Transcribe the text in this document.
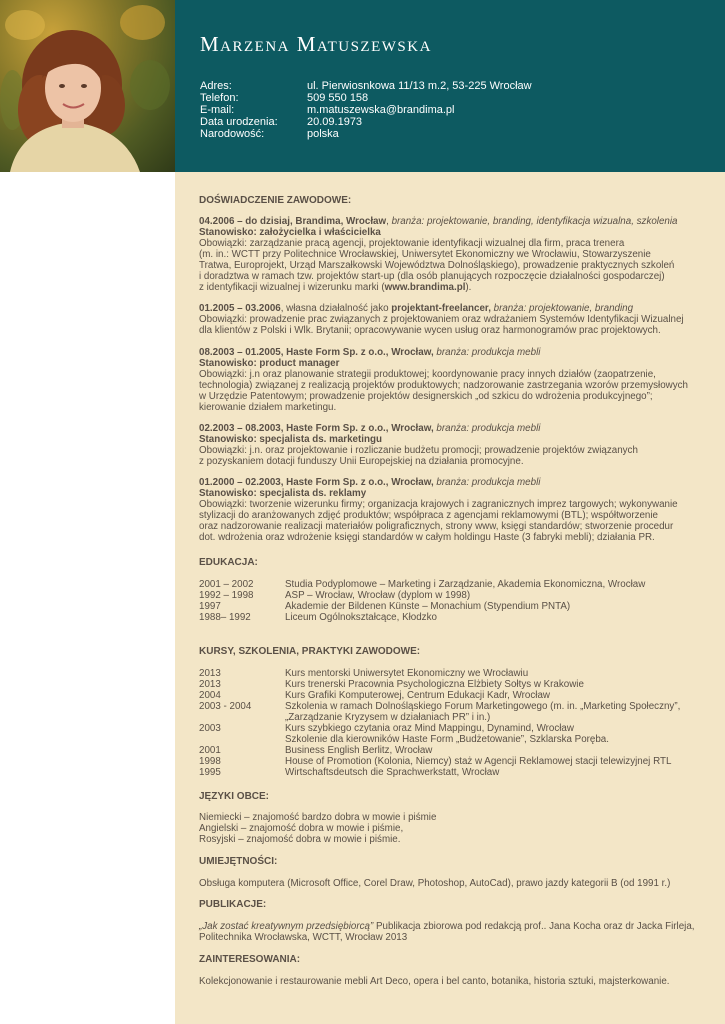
Marzena Matuszewska
Adres:	ul. Pierwiosnkowa 11/13 m.2, 53-225 Wrocław
Telefon:	509 550 158
E-mail:	m.matuszewska@brandima.pl
Data urodzenia:	20.09.1973
Narodowość:	polska
DOŚWIADCZENIE ZAWODOWE:
04.2006 – do dzisiaj, Brandima, Wrocław, branża: projektowanie, branding, identyfikacja wizualna, szkolenia
Stanowisko: założycielka i właścicielka
Obowiązki: zarządzanie pracą agencji, projektowanie identyfikacji wizualnej dla firm, praca trenera
(m. in.: WCTT przy Politechnice Wrocławskiej, Uniwersytet Ekonomiczny we Wrocławiu, Stowarzyszenie
Tratwa, Europrojekt, Urząd Marszałkowski Województwa Dolnośląskiego), prowadzenie praktycznych szkoleń
i doradztwa w ramach tzw. projektów start-up (dla osób planujących rozpoczęcie działalności gospodarczej)
z identyfikacji wizualnej i wizerunku marki (www.brandima.pl).
01.2005 – 03.2006, własna działalność jako projektant-freelancer, branża: projektowanie, branding
Obowiązki: prowadzenie prac związanych z projektowaniem oraz wdrażaniem Systemów Identyfikacji Wizualnej
dla klientów z Polski i Wlk. Brytanii; opracowywanie wycen usług oraz harmonogramów prac projektowych.
08.2003 – 01.2005, Haste Form Sp. z o.o., Wrocław, branża: produkcja mebli
Stanowisko: product manager
Obowiązki: j.n oraz planowanie strategii produktowej; koordynowanie pracy innych działów (zaopatrzenie,
technologia) związanej z realizacją projektów produktowych; nadzorowanie zastrzegania wzorów przemysłowych
w Urzędzie Patentowym; prowadzenie projektów designerskich „od szkicu do wdrożenia produkcyjnego”;
kierowanie działem marketingu.
02.2003 – 08.2003, Haste Form Sp. z o.o., Wrocław, branża: produkcja mebli
Stanowisko: specjalista ds. marketingu
Obowiązki: j.n. oraz projektowanie i rozliczanie budżetu promocji; prowadzenie projektów związanych
z pozyskaniem dotacji funduszy Unii Europejskiej na działania promocyjne.
01.2000 – 02.2003, Haste Form Sp. z o.o., Wrocław, branża: produkcja mebli
Stanowisko: specjalista ds. reklamy
Obowiązki: tworzenie wizerunku firmy; organizacja krajowych i zagranicznych imprez targowych; wykonywanie
stylizacji do aranżowanych zdjęć produktów; współpraca z agencjami reklamowymi (BTL); współtworzenie
oraz nadzorowanie realizacji materiałów poligraficznych, strony www, księgi standardów; stworzenie procedur
dot. wdrożenia oraz wdrożenie księgi standardów w całym holdingu Haste (3 fabryki mebli); działania PR.
EDUKACJA:
2001 – 2002	Studia Podyplomowe – Marketing i Zarządzanie, Akademia Ekonomiczna, Wrocław
1992 – 1998	ASP – Wrocław, Wrocław (dyplom w 1998)
1997	Akademie der Bildenen Künste – Monachium (Stypendium PNTA)
1988– 1992	Liceum Ogólnokształcące, Kłodzko
KURSY, SZKOLENIA, PRAKTYKI ZAWODOWE:
2013	Kurs mentorski Uniwersytet Ekonomiczny we Wrocławiu
2013	Kurs trenerski Pracownia Psychologiczna Elżbiety Sołtys w Krakowie
2004	Kurs Grafiki Komputerowej, Centrum Edukacji Kadr, Wrocław
2003 - 2004	Szkolenia w ramach Dolnośląskiego Forum Marketingowego (m. in. „Marketing Społeczny”,
„Zarządzanie Kryzysem w działaniach PR” i in.)
2003	Kurs szybkiego czytania oraz Mind Mappingu, Dynamind, Wrocław
Szkolenie dla kierowników Haste Form „Budżetowanie”, Szklarska Poręba.
2001	Business English Berlitz, Wrocław
1998	House of Promotion (Kolonia, Niemcy) staż w Agencji Reklamowej stacji telewizyjnej RTL
1995	Wirtschaftsdeutsch die Sprachwerkstatt, Wrocław
JĘZYKI OBCE:
Niemiecki – znajomość bardzo dobra w mowie i piśmie
Angielski – znajomość dobra w mowie i piśmie,
Rosyjski – znajomość dobra w mowie i piśmie.
UMIEJĘTNOŚCI:
Obsługa komputera (Microsoft Office, Corel Draw, Photoshop, AutoCad), prawo jazdy kategorii B (od 1991 r.)
PUBLIKACJE:
„Jak zostać kreatywnym przedsiębiorcą” Publikacja zbiorowa pod redakcją prof.. Jana Kocha oraz dr Jacka Firleja,
Politechnika Wrocławska, WCTT, Wrocław 2013
ZAINTERESOWANIA:
Kolekcjonowanie i restaurowanie mebli Art Deco, opera i bel canto, botanika, historia sztuki, majsterkowanie.
